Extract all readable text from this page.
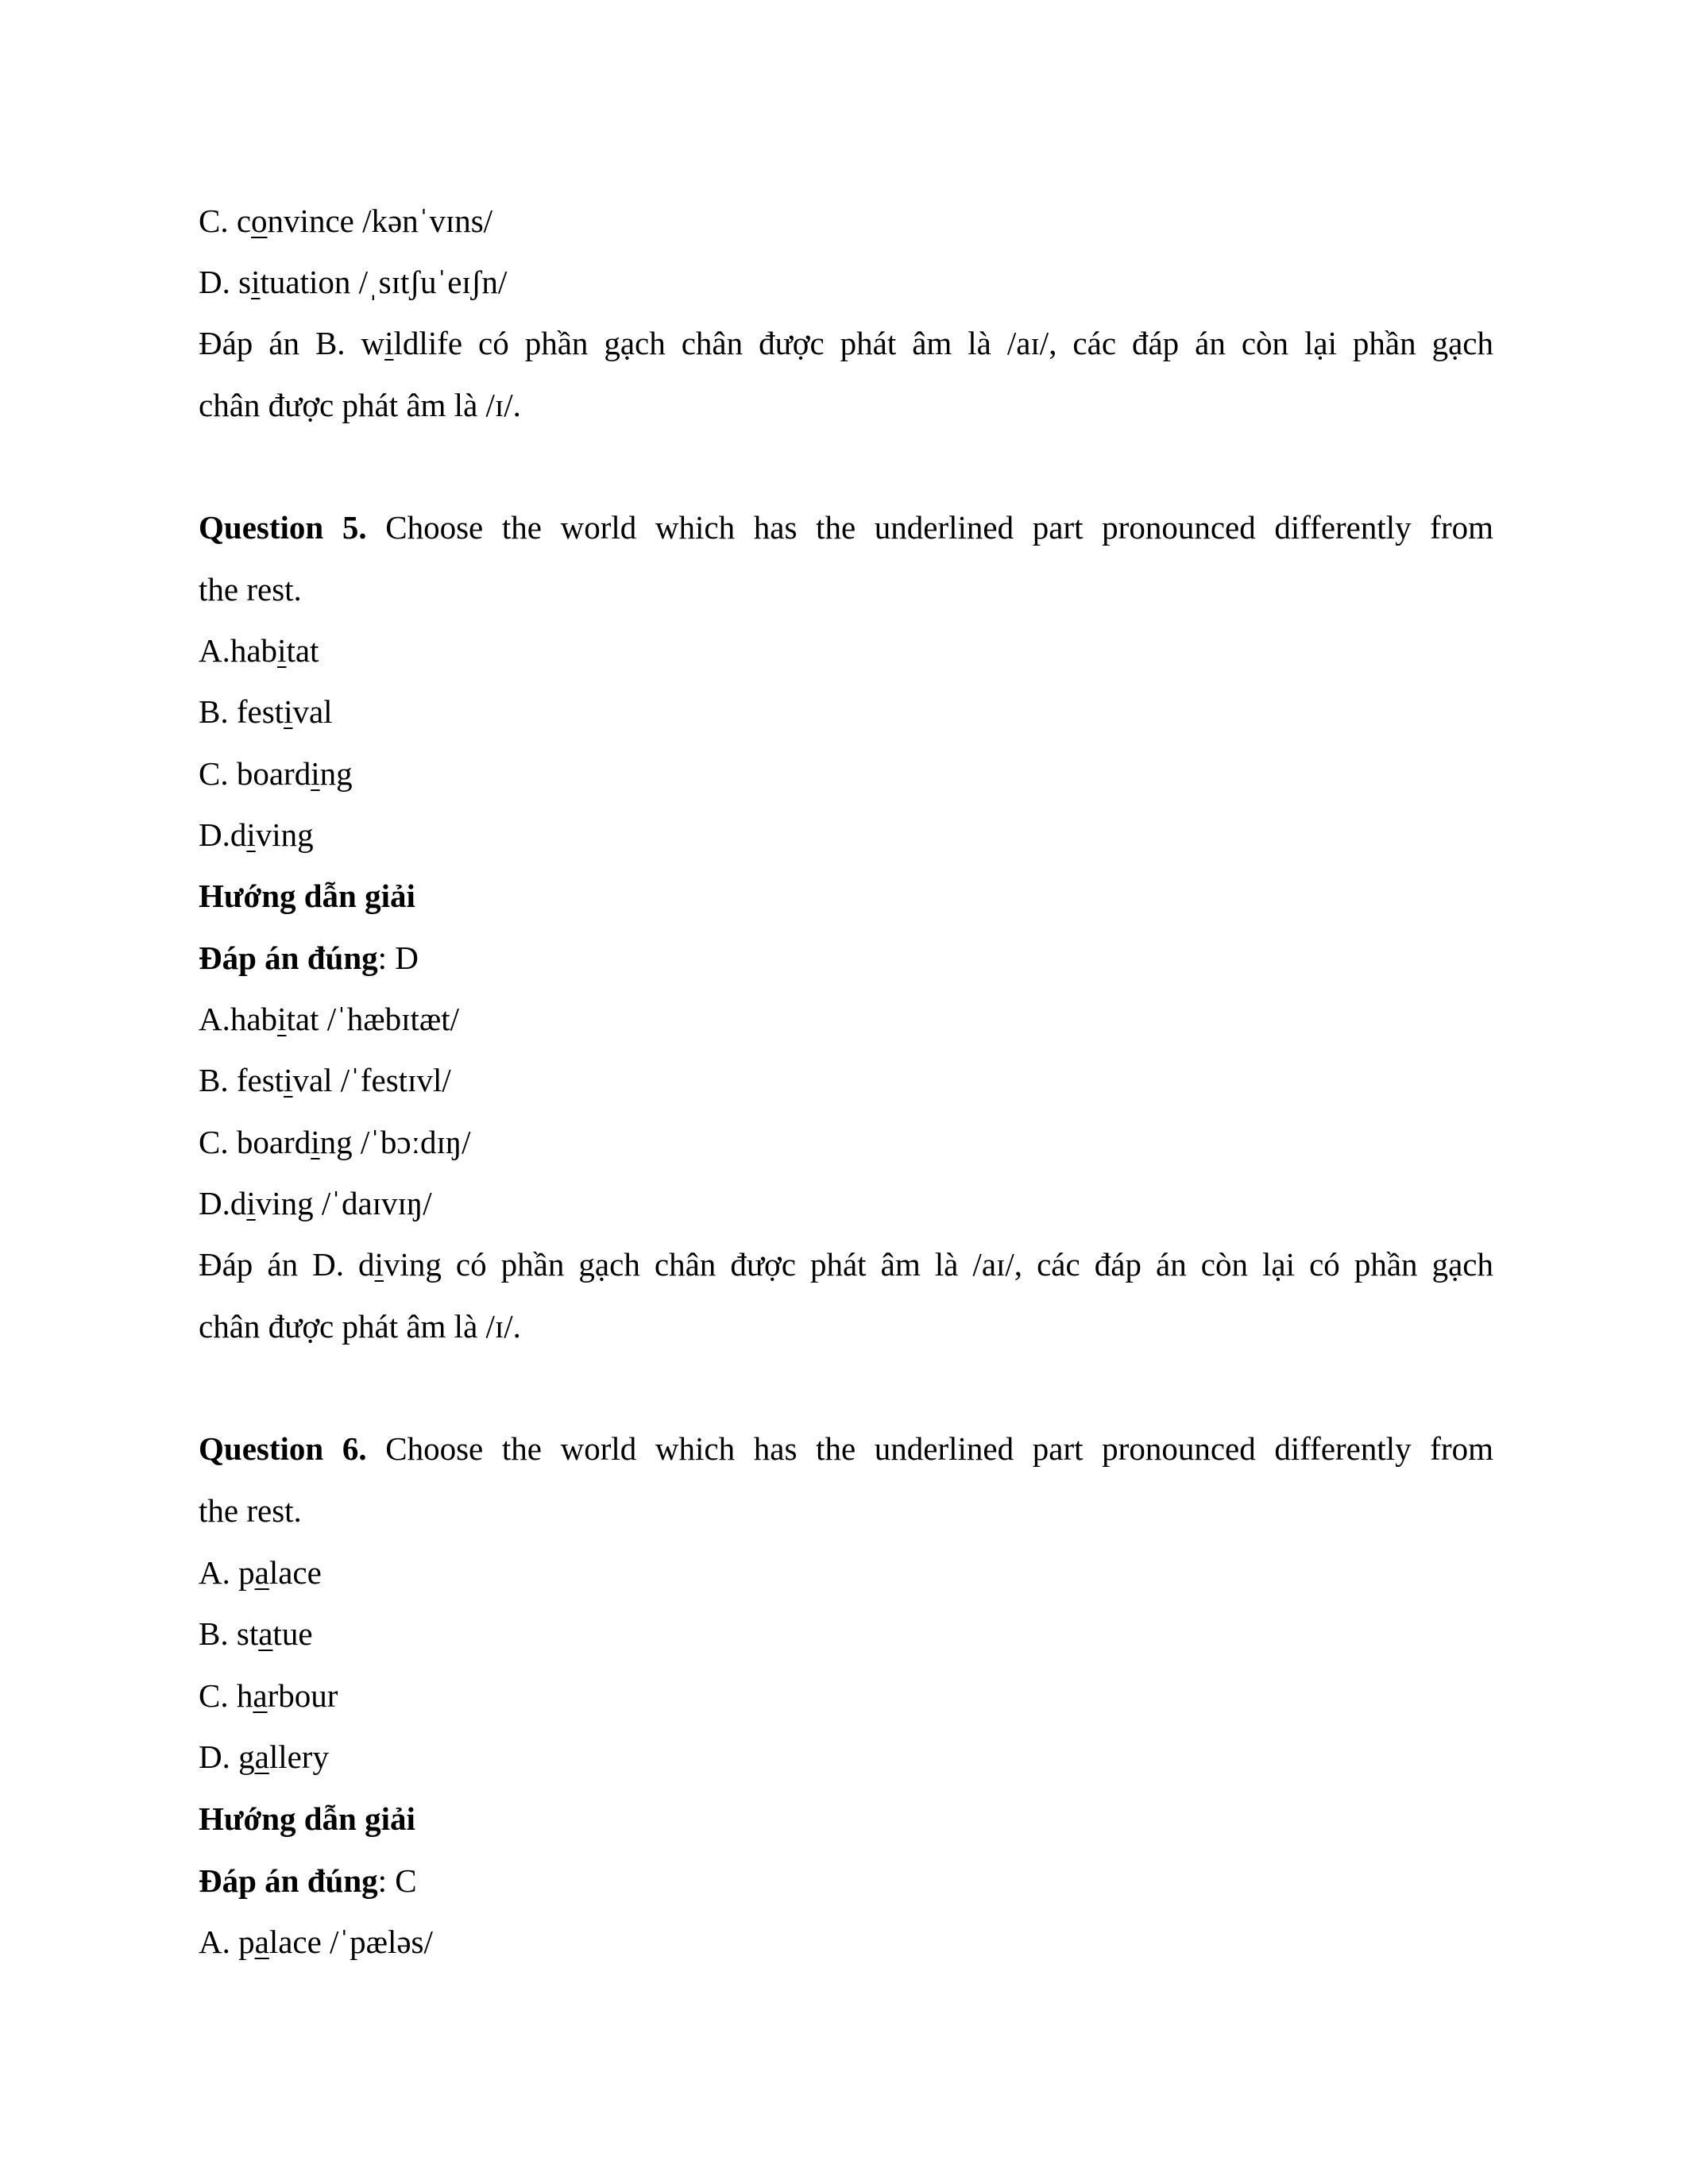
C. convince /kənˈvɪns/
D. situation /ˌsɪtʃuˈeɪʃn/
Đáp án B. wildlife có phần gạch chân được phát âm là /aɪ/, các đáp án còn lại phần gạch
chân được phát âm là /ɪ/.
Question 5. Choose the world which has the underlined part pronounced differently from
the rest.
A.habitat
B. festival
C. boarding
D.diving
Hướng dẫn giải
Đáp án đúng: D
A.habitat /ˈhæbɪtæt/
B. festival /ˈfestɪvl/
C. boarding /ˈbɔːdɪŋ/
D.diving /ˈdaɪvɪŋ/
Đáp án D. diving có phần gạch chân được phát âm là /aɪ/, các đáp án còn lại có phần gạch
chân được phát âm là /ɪ/.
Question 6. Choose the world which has the underlined part pronounced differently from
the rest.
A. palace
B. statue
C. harbour
D. gallery
Hướng dẫn giải
Đáp án đúng: C
A. palace /ˈpæləs/
